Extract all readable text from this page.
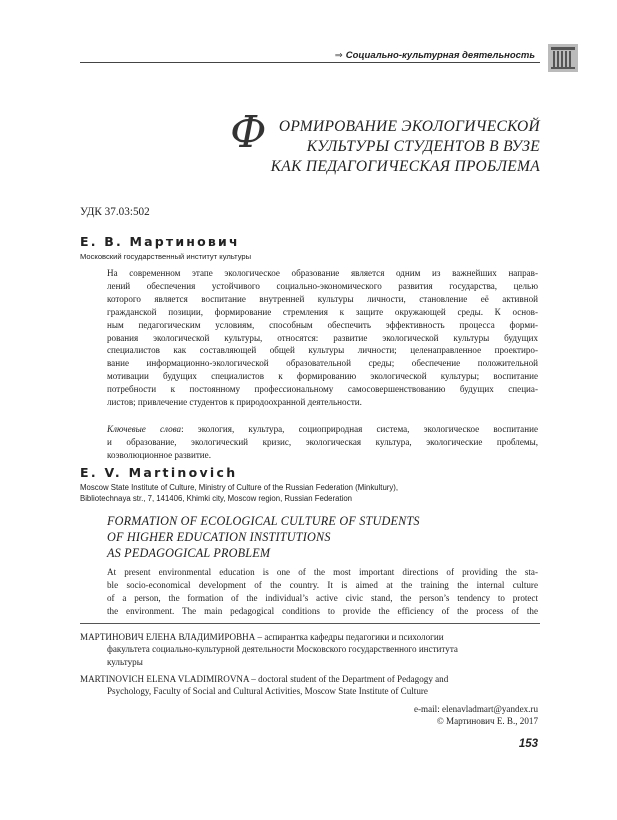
⇒ Социально-культурная деятельность
Ф ОРМИРОВАНИЕ ЭКОЛОГИЧЕСКОЙ
КУЛЬТУРЫ СТУДЕНТОВ В ВУЗЕ
КАК ПЕДАГОГИЧЕСКАЯ ПРОБЛЕМА
УДК 37.03:502
Е. В. Мартинович
Московский государственный институт культуры
На современном этапе экологическое образование является одним из важнейших направ-
лений обеспечения устойчивого социально-экономического развития государства, целью
которого является воспитание внутренней культуры личности, становление её активной
гражданской позиции, формирование стремления к защите окружающей среды. К основ-
ным педагогическим условиям, способным обеспечить эффективность процесса форми-
рования экологической культуры, относятся: развитие экологической культуры будущих
специалистов как составляющей общей культуры личности; целенаправленное проектиро-
вание информационно-экологической образовательной среды; обеспечение положительной
мотивации будущих специалистов к формированию экологической культуры; воспитание
потребности к постоянному профессиональному самосовершенствованию будущих специа-
листов; привлечение студентов к природоохранной деятельности.
Ключевые слова: экология, культура, социоприродная система, экологическое воспитание
и образование, экологический кризис, экологическая культура, экологические проблемы,
коэволюционное развитие.
E. V. Martinovich
Moscow State Institute of Culture, Ministry of Culture of the Russian Federation (Minkultury),
Bibliotechnaya str., 7, 141406, Khimki city, Moscow region, Russian Federation
FORMATION OF ECOLOGICAL CULTURE OF STUDENTS
OF HIGHER EDUCATION INSTITUTIONS
AS PEDAGOGICAL PROBLEM
At present environmental education is one of the most important directions of providing the sta-
ble socio-economical development of the country. It is aimed at the training the internal culture
of a person, the formation of the individual’s active civic stand, the person’s tendency to protect
the environment. The main pedagogical conditions to provide the efficiency of the process of the
МАРТИНОВИЧ ЕЛЕНА ВЛАДИМИРОВНА – аспирантка кафедры педагогики и психологии
факультета социально-культурной деятельности Московского государственного института
культуры
MARTINOVICH ELENA VLADIMIROVNA – doctoral student of the Department of Pedagogy and
Psychology, Faculty of Social and Cultural Activities, Moscow State Institute of Culture
e-mail: elenavladmart@yandex.ru
© Мартинович Е. В., 2017
153
